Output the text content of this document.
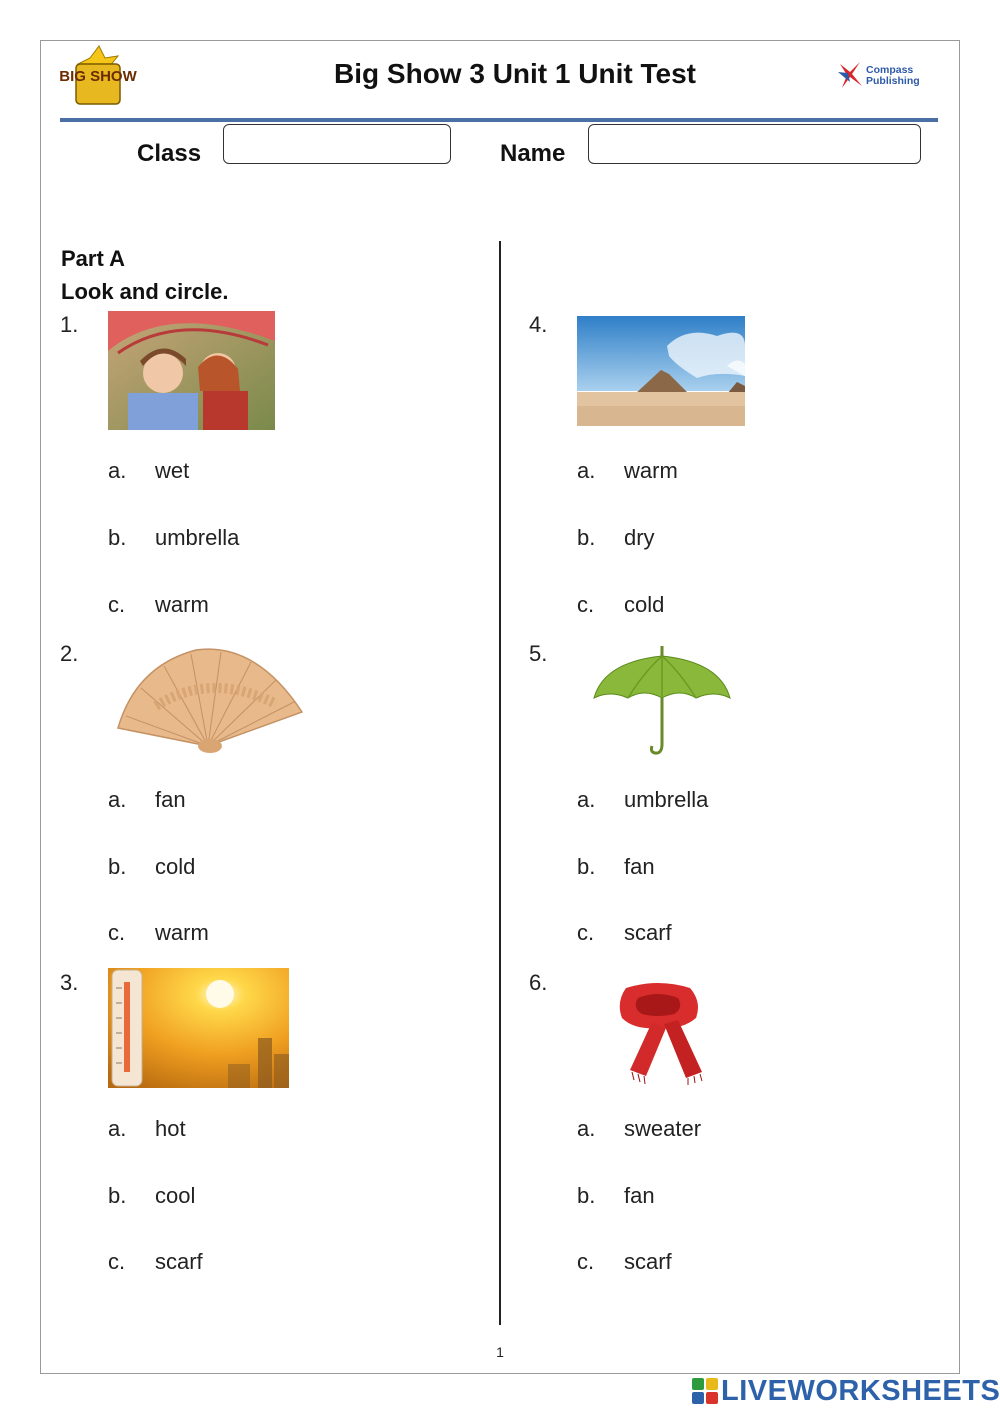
BIG SHOW	Big Show 3 Unit 1 Unit Test	Compass
Publishing
Class	Name
Part A
Look and circle.
1.
a. wet
b. umbrella
c. warm
2.
a. fan
b. cold
c. warm
3.
a. hot
b. cool
c. scarf
4.
a. warm
b. dry
c. cold
5.
a. umbrella
b. fan
c. scarf
6.
a. sweater
b. fan
c. scarf
1
LIVEWORKSHEETS
